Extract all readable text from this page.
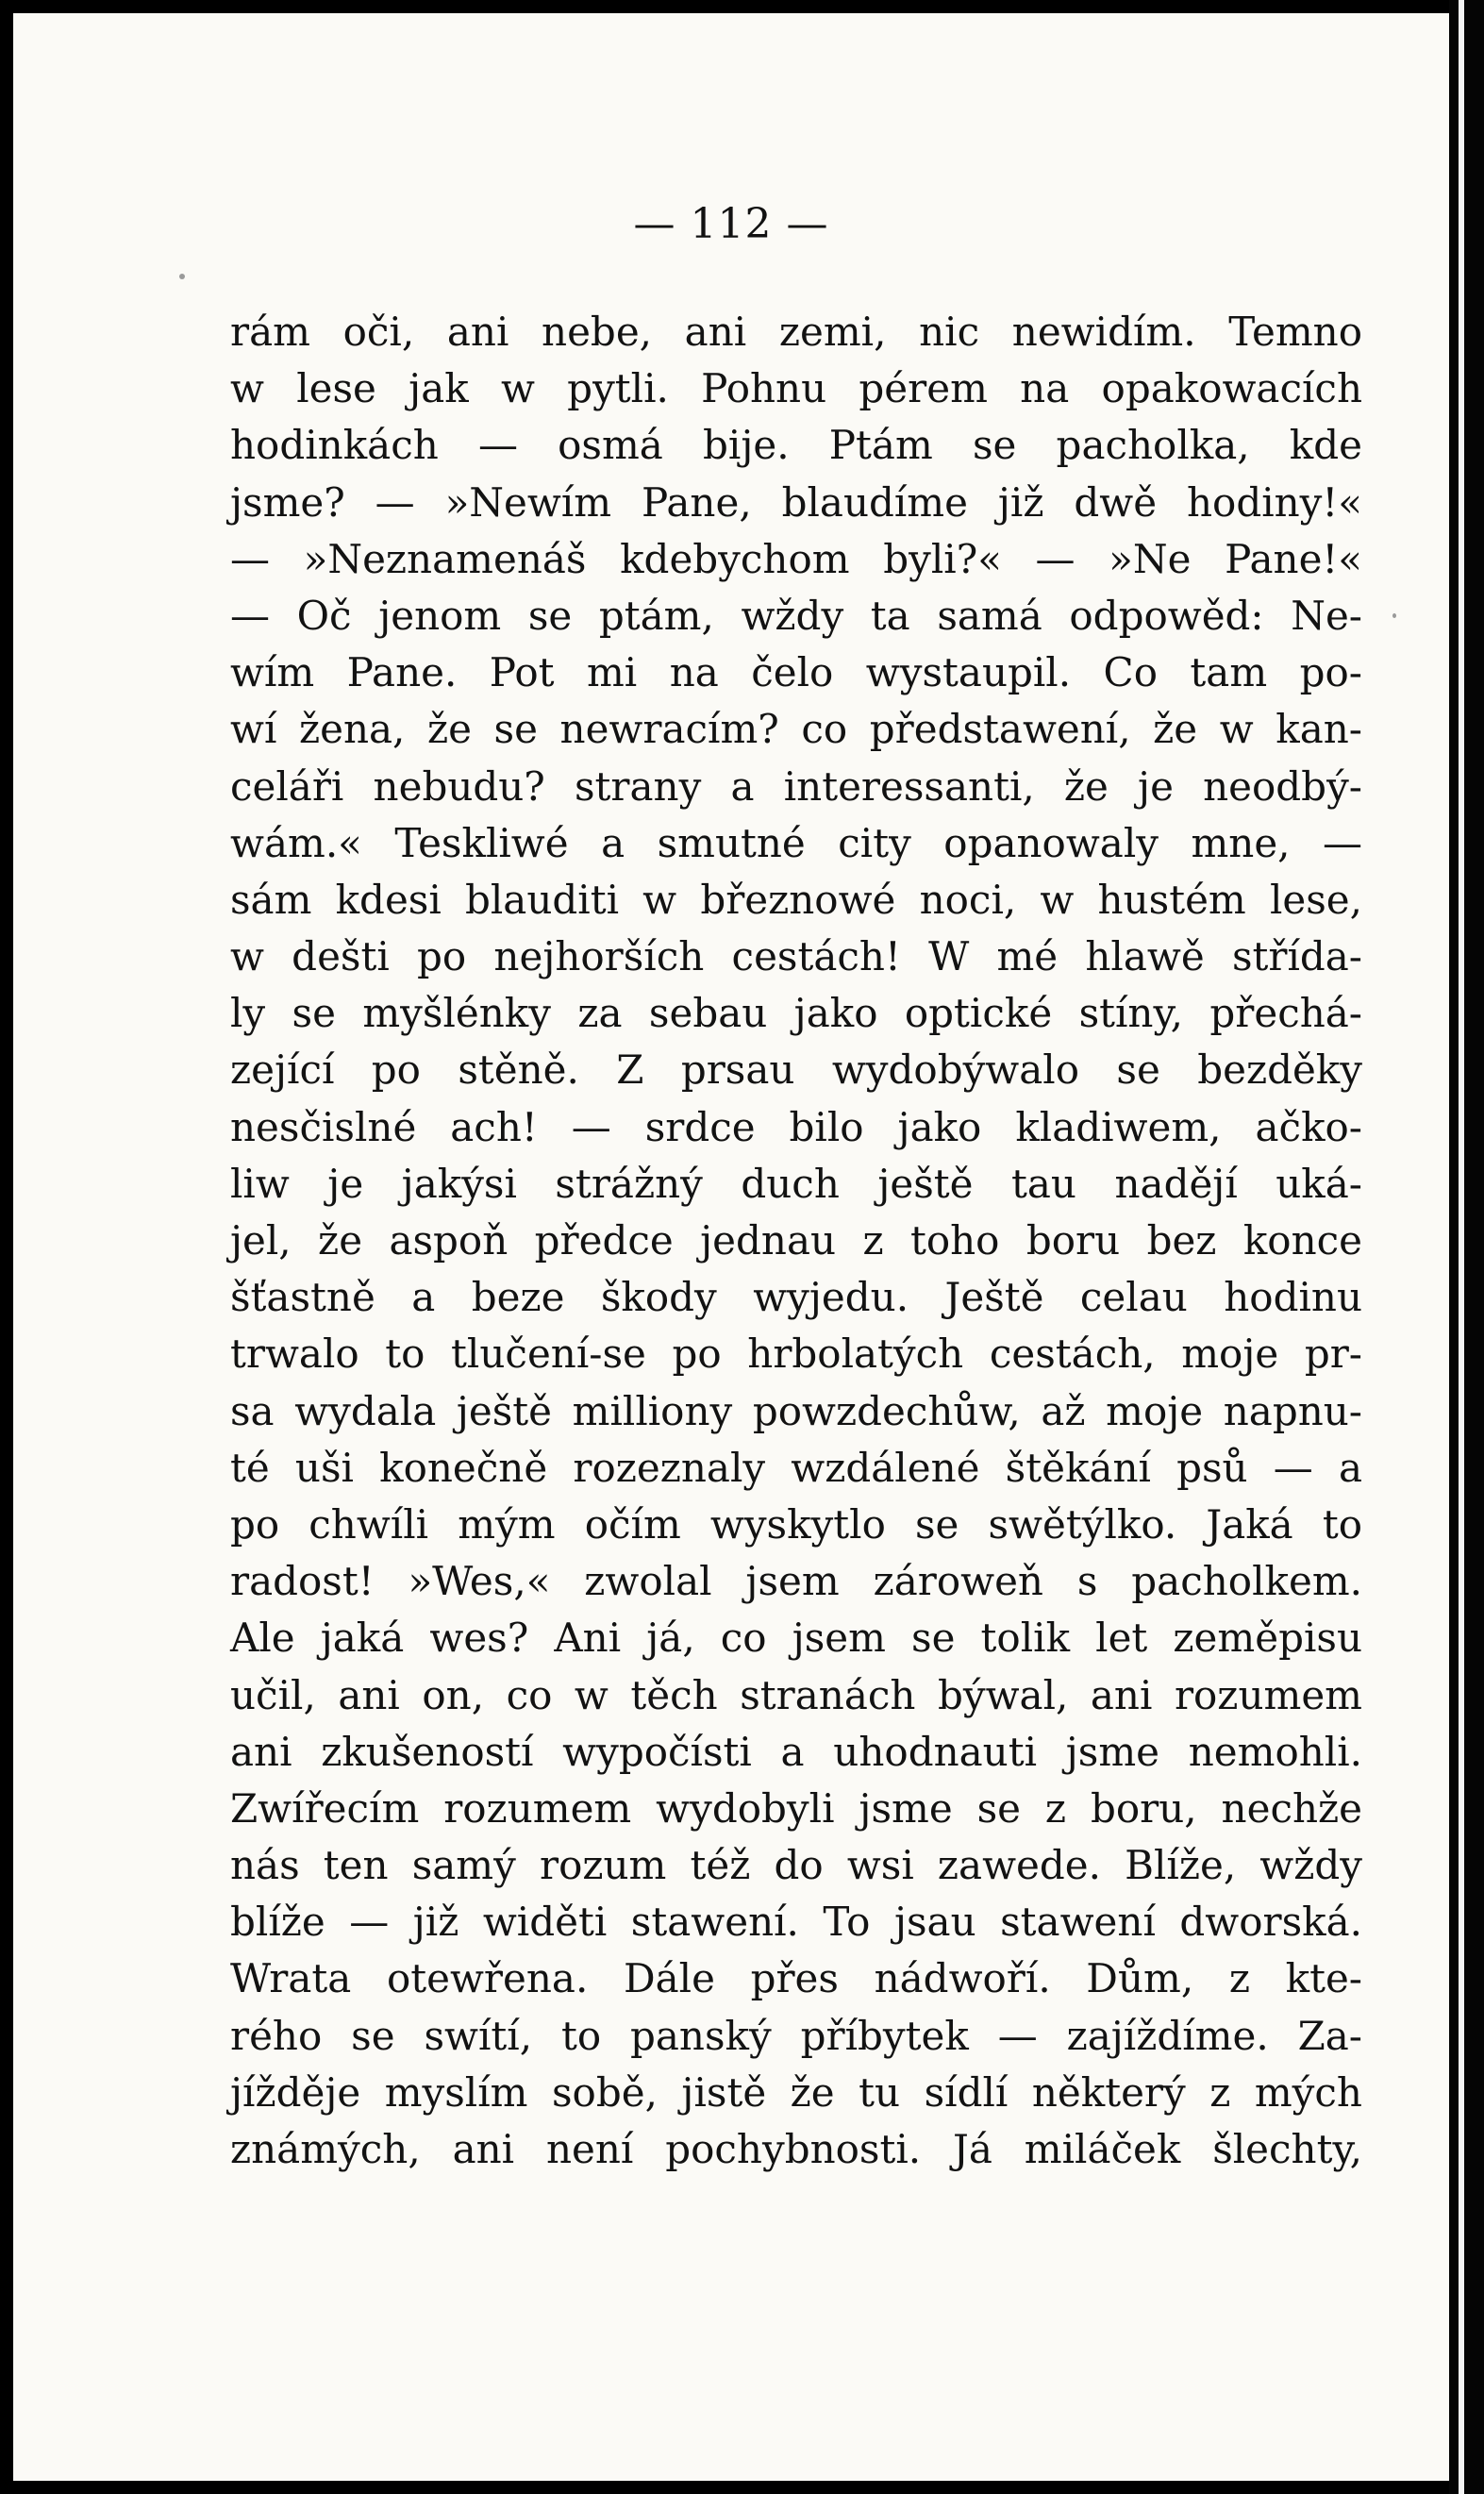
— 112 —
rám oči, ani nebe, ani zemi, nic newidím. Temno
w lese jak w pytli. Pohnu pérem na opakowacích
hodinkách — osmá bije. Ptám se pacholka, kde
jsme? — »Newím Pane, blaudíme již dwě hodiny!«
— »Neznamenáš kdebychom byli?« — »Ne Pane!«
— Oč jenom se ptám, wždy ta samá odpowěd: Ne-
wím Pane. Pot mi na čelo wystaupil. Co tam po-
wí žena, že se newracím? co předstawení, že w kan-
celáři nebudu? strany a interessanti, že je neodbý-
wám.« Teskliwé a smutné city opanowaly mne, —
sám kdesi blauditi w březnowé noci, w hustém lese,
w dešti po nejhorších cestách! W mé hlawě střída-
ly se myšlénky za sebau jako optické stíny, přechá-
zející po stěně. Z prsau wydobýwalo se bezděky
nesčislné ach! — srdce bilo jako kladiwem, ačko-
liw je jakýsi strážný duch ještě tau nadějí uká-
jel, že aspoň předce jednau z toho boru bez konce
šťastně a beze škody wyjedu. Ještě celau hodinu
trwalo to tlučení-se po hrbolatých cestách, moje pr-
sa wydala ještě milliony powzdechůw, až moje napnu-
té uši konečně rozeznaly wzdálené štěkání psů — a
po chwíli mým očím wyskytlo se swětýlko. Jaká to
radost! »Wes,« zwolal jsem zároweň s pacholkem.
Ale jaká wes? Ani já, co jsem se tolik let zeměpisu
učil, ani on, co w těch stranách býwal, ani rozumem
ani zkušeností wypočísti a uhodnauti jsme nemohli.
Zwířecím rozumem wydobyli jsme se z boru, nechže
nás ten samý rozum též do wsi zawede. Blíže, wždy
blíže — již widěti stawení. To jsau stawení dworská.
Wrata otewřena. Dále přes nádwoří. Dům, z kte-
rého se swítí, to panský příbytek — zajíždíme. Za-
jížděje myslím sobě, jistě že tu sídlí některý z mých
známých, ani není pochybnosti. Já miláček šlechty,
